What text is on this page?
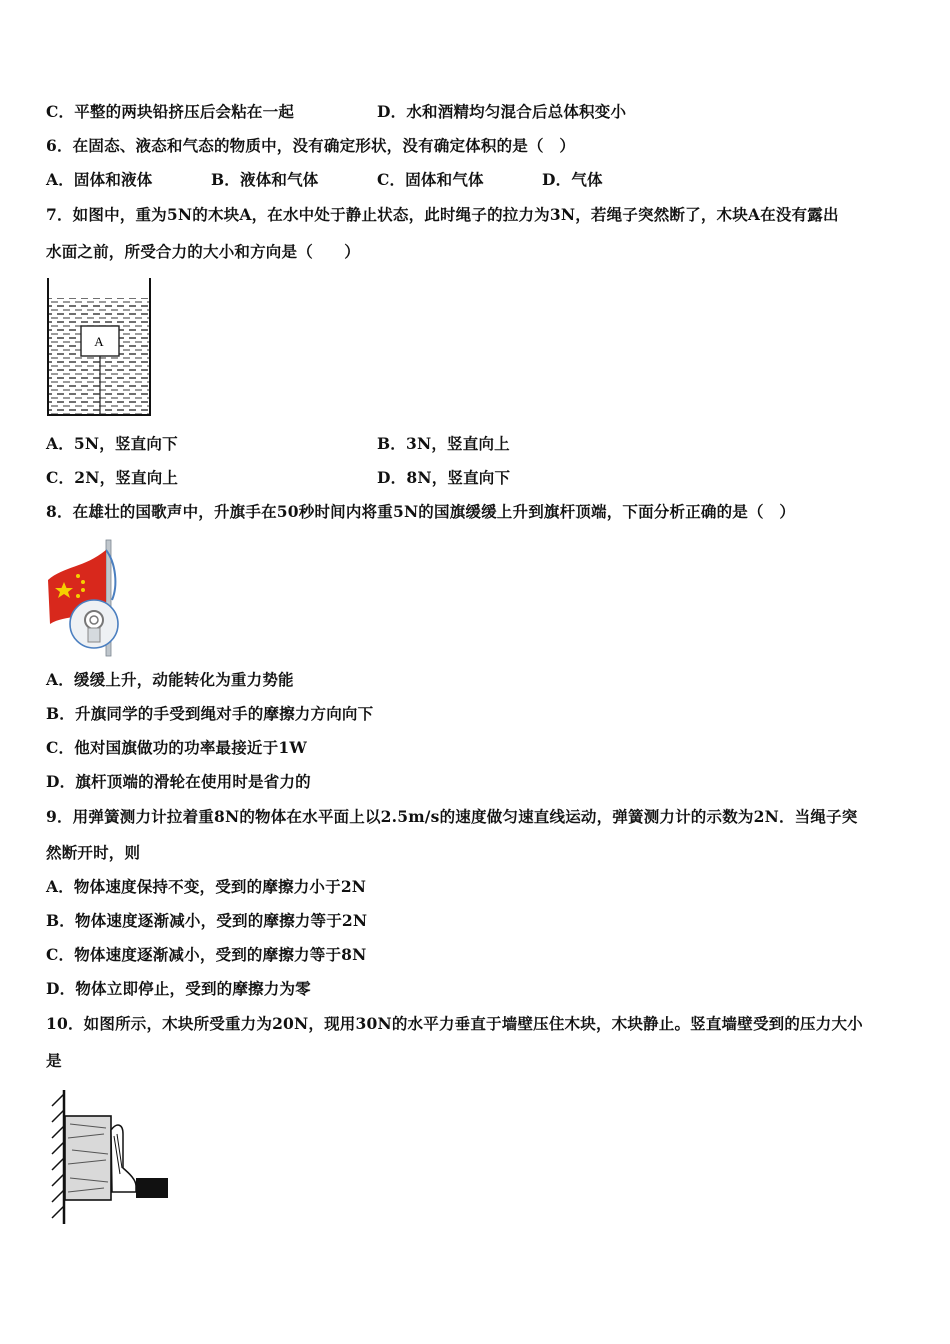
C．平整的两块铅挤压后会粘在一起	D．水和酒精均匀混合后总体积变小
6．在固态、液态和气态的物质中，没有确定形状，没有确定体积的是（　）
A．固体和液体	B．液体和气体	C．固体和气体	D．气体
7．如图中，重为5N的木块A，在水中处于静止状态，此时绳子的拉力为3N，若绳子突然断了，木块A在没有露出
水面之前，所受合力的大小和方向是（　　）
A
A．5N，竖直向下	B．3N，竖直向上
C．2N，竖直向上	D．8N，竖直向下
8．在雄壮的国歌声中，升旗手在50秒时间内将重5N的国旗缓缓上升到旗杆顶端，下面分析正确的是（　）
A．缓缓上升，动能转化为重力势能
B．升旗同学的手受到绳对手的摩擦力方向向下
C．他对国旗做功的功率最接近于1W
D．旗杆顶端的滑轮在使用时是省力的
9．用弹簧测力计拉着重8N的物体在水平面上以2.5m/s的速度做匀速直线运动，弹簧测力计的示数为2N．当绳子突
然断开时，则
A．物体速度保持不变，受到的摩擦力小于2N
B．物体速度逐渐减小，受到的摩擦力等于2N
C．物体速度逐渐减小，受到的摩擦力等于8N
D．物体立即停止，受到的摩擦力为零
10．如图所示，木块所受重力为20N，现用30N的水平力垂直于墙壁压住木块，木块静止。竖直墙壁受到的压力大小
是
